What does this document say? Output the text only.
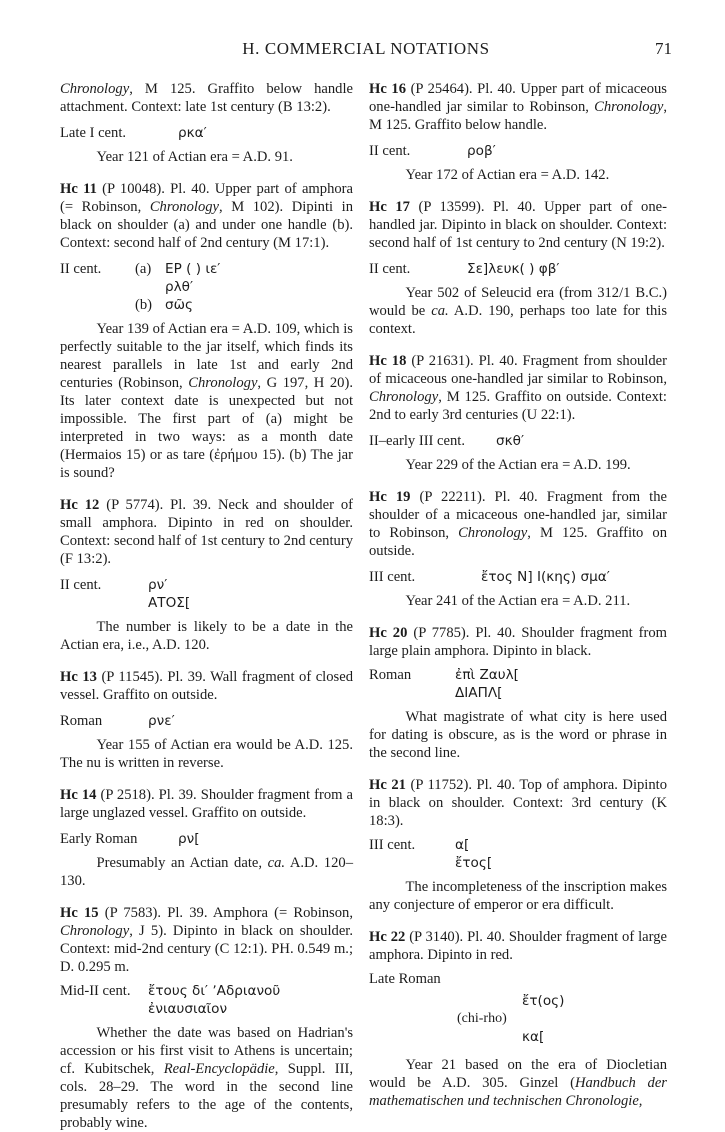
H. COMMERCIAL NOTATIONS	71

Chronology, M 125. Graffito below handle attachment. Context: late 1st century (B 13:2).

Late I cent.	ρκα′

Year 121 of Actian era = A.D. 91.

Hc 11 (P 10048). Pl. 40. Upper part of amphora (= Robinson, Chronology, M 102). Dipinti in black on shoulder (a) and under one handle (b). Context: second half of 2nd century (M 17:1).

II cent.	(a)	ΕΡ ( ) ιε′
ρλθ′
(b) σῶς

Year 139 of Actian era = A.D. 109, which is perfectly suitable to the jar itself, which finds its nearest parallels in late 1st and early 2nd centuries (Robinson, Chronology, G 197, H 20). Its later context date is unexpected but not impossible. The first part of (a) might be interpreted in two ways: as a month date (Hermaios 15) or as tare (ἐρήμου 15). (b) The jar is sound?

Hc 12 (P 5774). Pl. 39. Neck and shoulder of small amphora. Dipinto in red on shoulder. Context: second half of 1st century to 2nd century (F 13:2).

II cent.	ρν′
ΑΤΟΣ[

The number is likely to be a date in the Actian era, i.e., A.D. 120.

Hc 13 (P 11545). Pl. 39. Wall fragment of closed vessel. Graffito on outside.

Roman	ρνε′

Year 155 of Actian era would be A.D. 125. The nu is written in reverse.

Hc 14 (P 2518). Pl. 39. Shoulder fragment from a large unglazed vessel. Graffito on outside.

Early Roman	ρν[

Presumably an Actian date, ca. A.D. 120–130.

Hc 15 (P 7583). Pl. 39. Amphora (= Robinson, Chronology, J 5). Dipinto in black on shoulder. Context: mid-2nd century (C 12:1). PH. 0.549 m.; D. 0.295 m.

Mid-II cent.	ἔτους δι′ ʼΑδριανοῦ
ἐνιαυσιαῖον

Whether the date was based on Hadrian's accession or his first visit to Athens is uncertain; cf. Kubitschek, Real-Encyclopädie, Suppl. III, cols. 28–29. The word in the second line presumably refers to the age of the contents, probably wine.

Hc 16 (P 25464). Pl. 40. Upper part of micaceous one-handled jar similar to Robinson, Chronology, M 125. Graffito below handle.

II cent.	ροβ′

Year 172 of Actian era = A.D. 142.

Hc 17 (P 13599). Pl. 40. Upper part of one-handled jar. Dipinto in black on shoulder. Context: second half of 1st century to 2nd century (N 19:2).

II cent.	Σε]λευκ( ) φβ′

Year 502 of Seleucid era (from 312/1 B.C.) would be ca. A.D. 190, perhaps too late for this context.

Hc 18 (P 21631). Pl. 40. Fragment from shoulder of micaceous one-handled jar similar to Robinson, Chronology, M 125. Graffito on outside. Context: 2nd to early 3rd centuries (U 22:1).

II–early III cent.	σκθ′

Year 229 of the Actian era = A.D. 199.

Hc 19 (P 22211). Pl. 40. Fragment from the shoulder of a micaceous one-handled jar, similar to Robinson, Chronology, M 125. Graffito on outside.

III cent.	ἔτος Ν] Ι(κης) σμα′

Year 241 of the Actian era = A.D. 211.

Hc 20 (P 7785). Pl. 40. Shoulder fragment from large plain amphora. Dipinto in black.

Roman	ἐπὶ Ζαυλ[
ΔΙΑΠΛ[

What magistrate of what city is here used for dating is obscure, as is the word or phrase in the second line.

Hc 21 (P 11752). Pl. 40. Top of amphora. Dipinto in black on shoulder. Context: 3rd century (K 18:3).

III cent.	α[
ἔτος[

The incompleteness of the inscription makes any conjecture of emperor or era difficult.

Hc 22 (P 3140). Pl. 40. Shoulder fragment of large amphora. Dipinto in red.

Late Roman

ἔτ(ος)
(chi-rho)
κα[

Year 21 based on the era of Diocletian would be A.D. 305. Ginzel (Handbuch der mathematischen und technischen Chronologie,
